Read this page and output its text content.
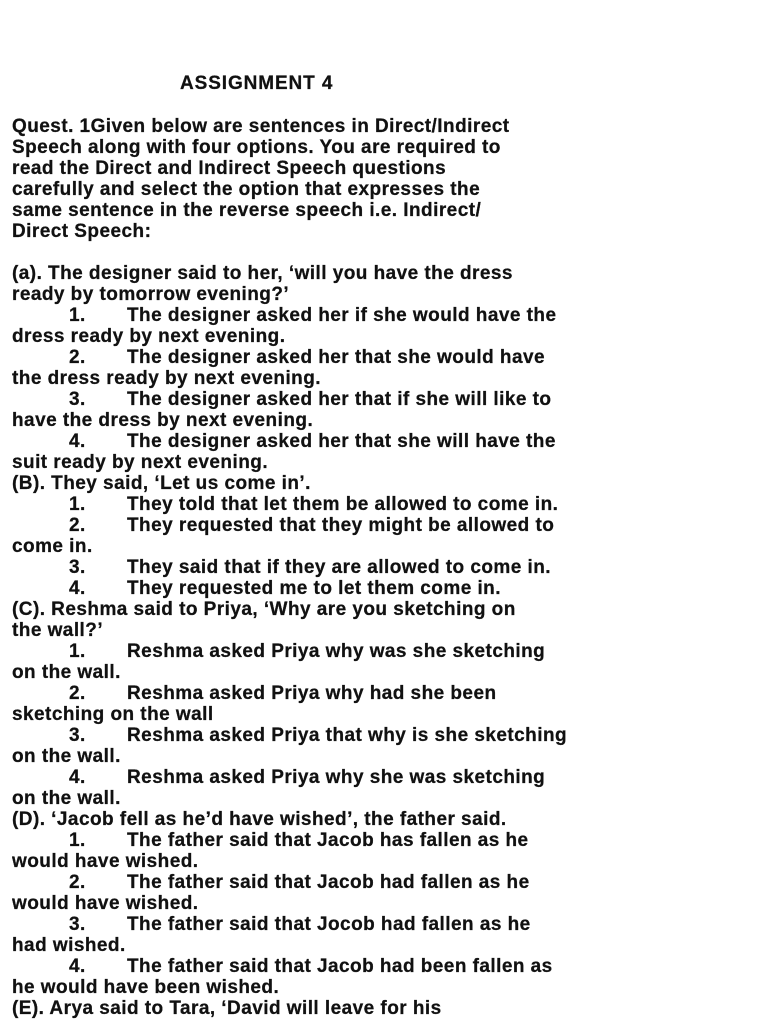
ASSIGNMENT 4
Quest. 1Given below are sentences in Direct/Indirect
Speech along with four options. You are required to
read the Direct and Indirect Speech questions
carefully and select the option that expresses the
same sentence in the reverse speech i.e. Indirect/
Direct Speech:
(a). The designer said to her, ‘will you have the dress
ready by tomorrow evening?’
1. The designer asked her if she would have the
dress ready by next evening.
2. The designer asked her that she would have
the dress ready by next evening.
3. The designer asked her that if she will like to
have the dress by next evening.
4. The designer asked her that she will have the
suit ready by next evening.
(B). They said, ‘Let us come in’.
1. They told that let them be allowed to come in.
2. They requested that they might be allowed to
come in.
3. They said that if they are allowed to come in.
4. They requested me to let them come in.
(C). Reshma said to Priya, ‘Why are you sketching on
the wall?’
1. Reshma asked Priya why was she sketching
on the wall.
2. Reshma asked Priya why had she been
sketching on the wall
3. Reshma asked Priya that why is she sketching
on the wall.
4. Reshma asked Priya why she was sketching
on the wall.
(D). ‘Jacob fell as he’d have wished’, the father said.
1. The father said that Jacob has fallen as he
would have wished.
2. The father said that Jacob had fallen as he
would have wished.
3. The father said that Jocob had fallen as he
had wished.
4. The father said that Jacob had been fallen as
he would have been wished.
(E). Arya said to Tara, ‘David will leave for his
